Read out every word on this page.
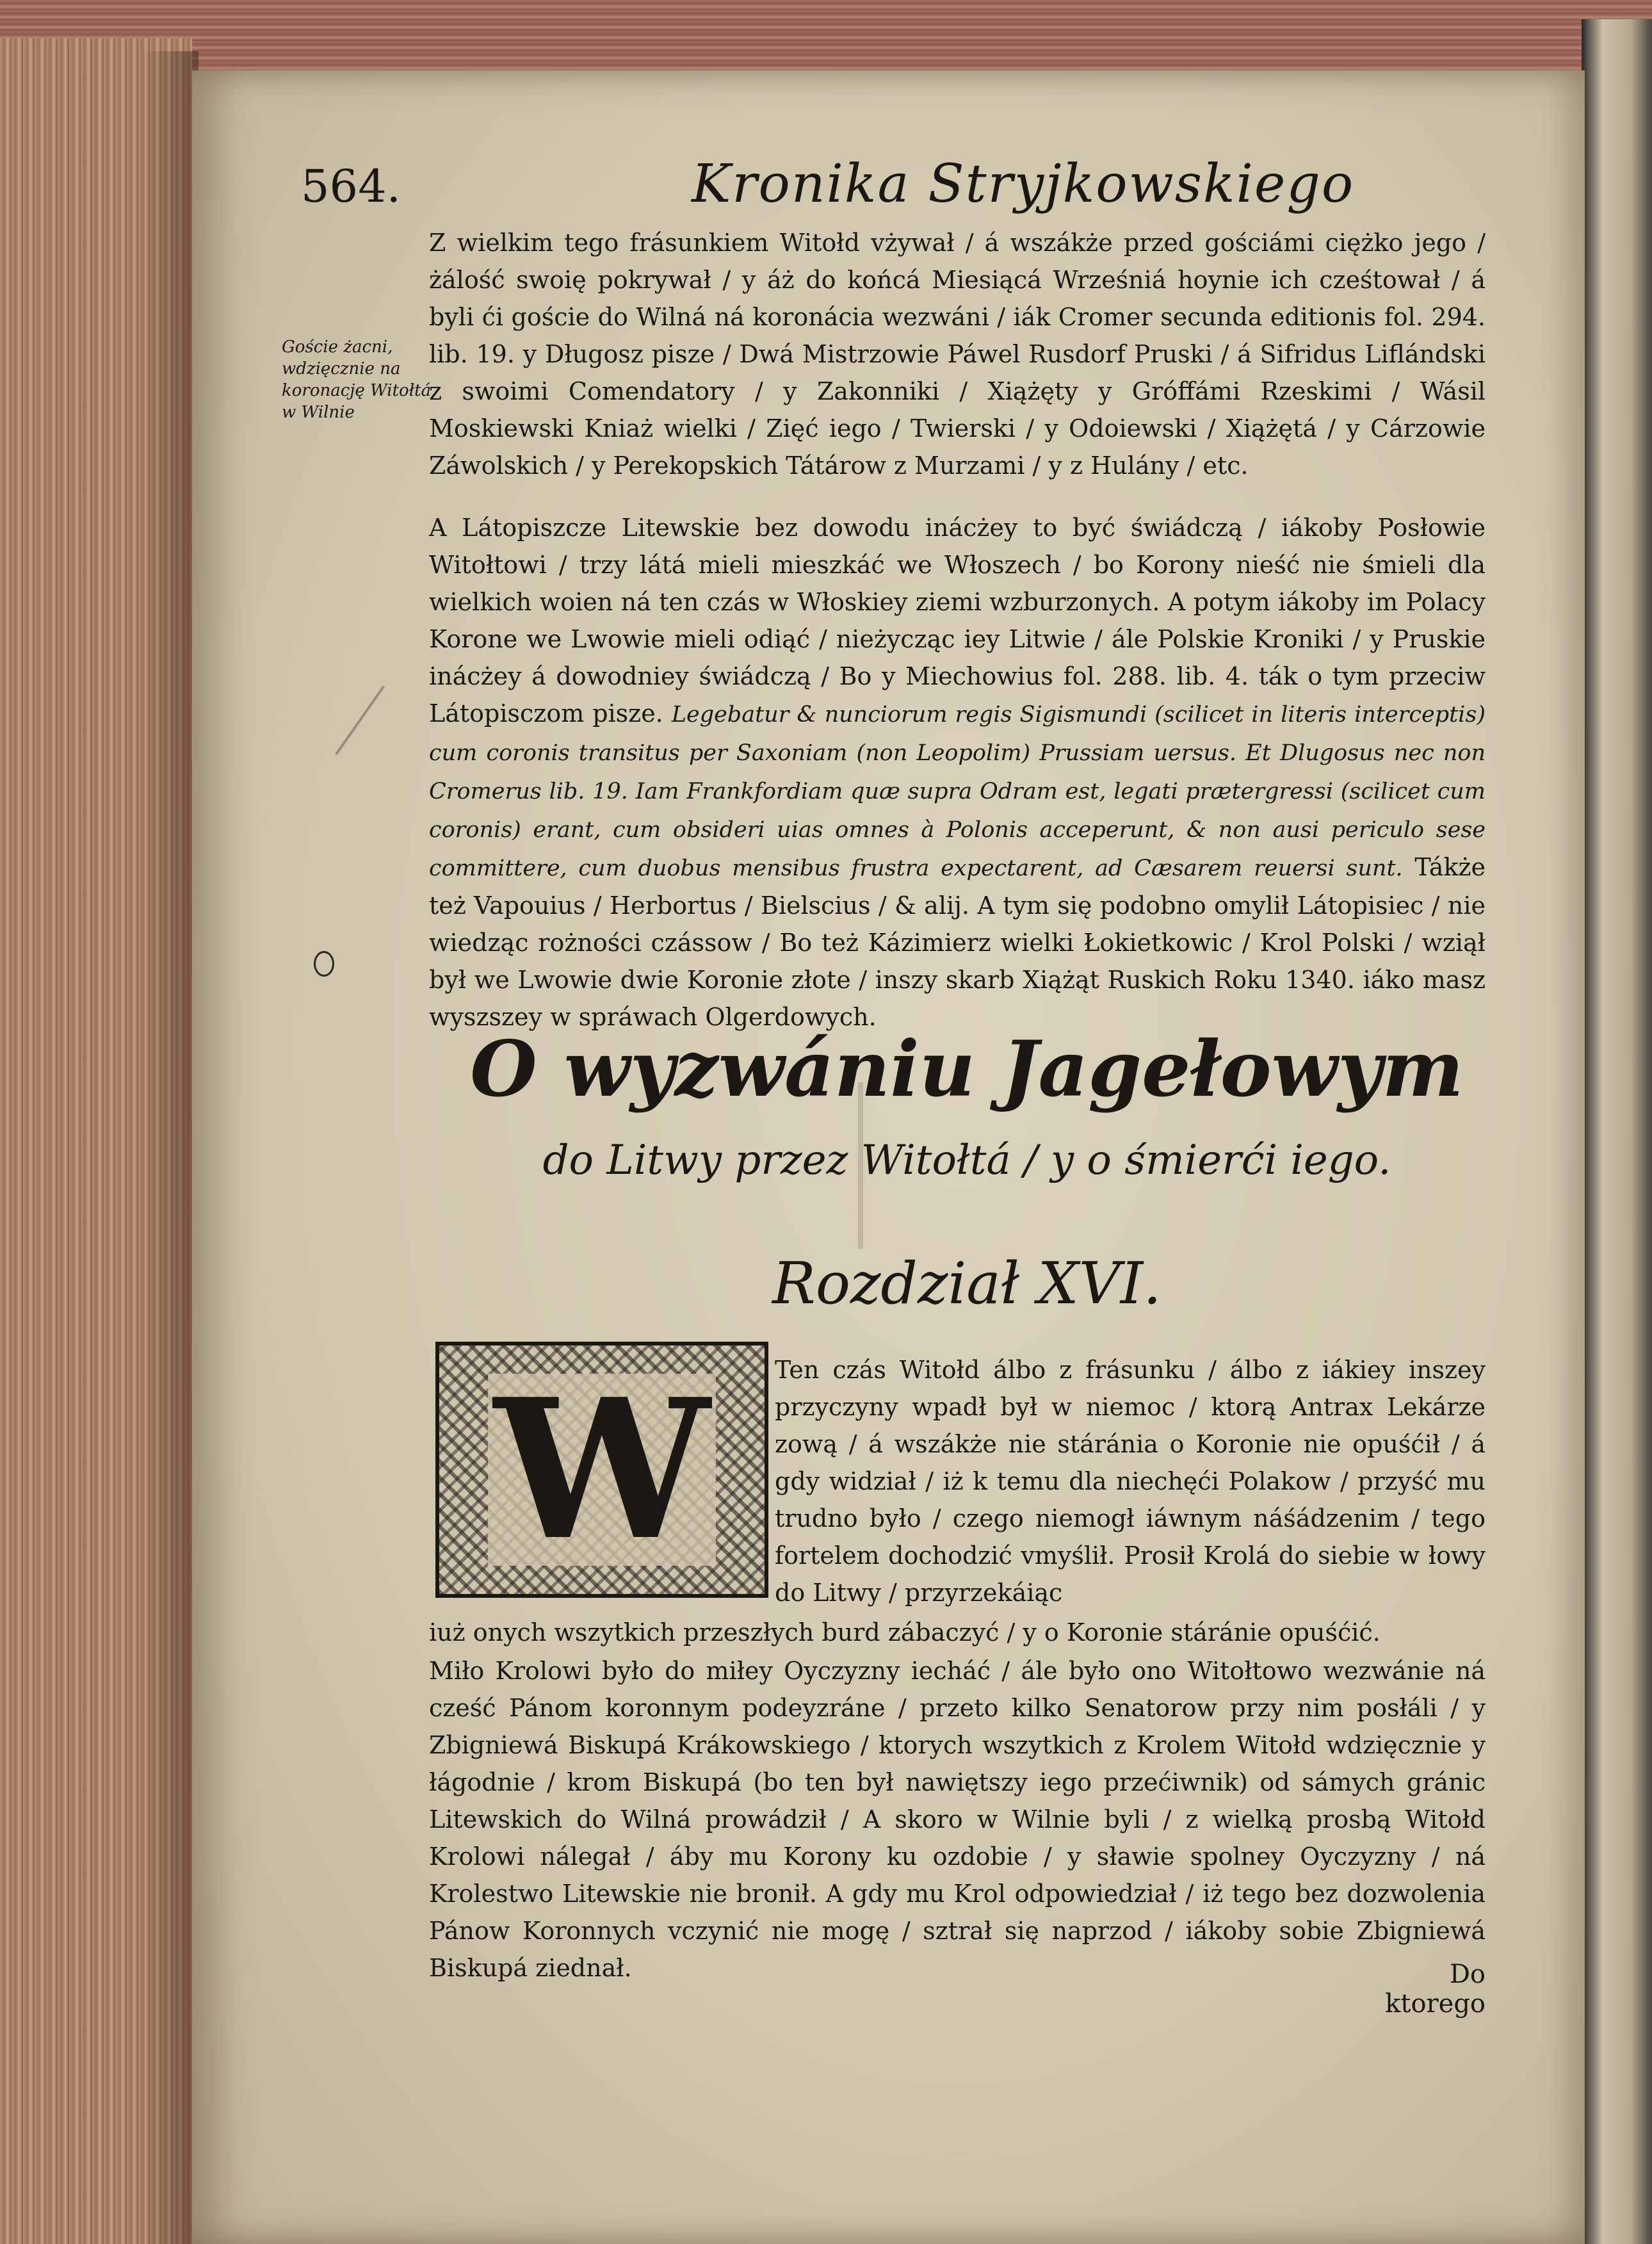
564.	Kronika Stryjkowskiego
Goście żacni, wdzięcznie na koronację Witołtá w Wilnie

Z wielkim tego frásunkiem Witołd vżywał / á wszákże przed gościámi ciężko jego / żálość swoię pokrywał / y áż do końcá Miesiącá Wrześniá hoynie ich cześtował / á byli ći goście do Wilná ná koronácia wezwáni / iák Cromer secunda editionis fol. 294. lib. 19. y Długosz pisze / Dwá Mistrzowie Páwel Rusdorf Pruski / á Sifridus Liflándski z swoimi Comendatory / y Zakonniki / Xiążęty y Gróffámi Rzeskimi / Wásil Moskiewski Kniaż wielki / Zięć iego / Twierski / y Odoiewski / Xiążętá / y Cárzowie Záwolskich / y Perekopskich Tátárow z Murzami / y z Hulány / etc.

A Látopiszcze Litewskie bez dowodu inácżey to być świádczą / iákoby Posłowie Witołtowi / trzy látá mieli mieszkáć we Włoszech / bo Korony nieść nie śmieli dla wielkich woien ná ten czás w Włoskiey ziemi wzburzonych. A potym iákoby im Polacy Korone we Lwowie mieli odiąć / nieżycząc iey Litwie / ále Polskie Kroniki / y Pruskie inácżey á dowodniey świádczą / Bo y Miechowius fol. 288. lib. 4. ták o tym przeciw Látopisczom pisze. Legebatur & nunciorum regis Sigismundi (scilicet in literis interceptis) cum coronis transitus per Saxoniam (non Leopolim) Prussiam uersus. Et Dlugosus nec non Cromerus lib. 19. Iam Frankfordiam quæ supra Odram est, legati prætergressi (scilicet cum coronis) erant, cum obsideri uias omnes à Polonis acceperunt, & non ausi periculo sese committere, cum duobus mensibus frustra expectarent, ad Cæsarem reuersi sunt. Tákże też Vapouius / Herbortus / Bielscius / & alij. A tym się podobno omylił Látopisiec / nie wiedząc rożności czássow / Bo też Kázimierz wielki Łokietkowic / Krol Polski / wziął był we Lwowie dwie Koronie złote / inszy skarb Xiążąt Ruskich Roku 1340. iáko masz wyszszey w spráwach Olgerdowych.

O wyzwániu Jagełowym
do Litwy przez Witołtá / y o śmierći iego.
Rozdział XVI.
W	Ten czás Witołd álbo z frásunku / álbo z iákiey inszey przyczyny wpadł był w niemoc / ktorą Antrax Lekárze zową / á wszákże nie stáránia o Koronie nie opuśćił / á gdy widział / iż k temu dla niechęći Polakow / przyść mu trudno było / czego niemogł iáwnym náśádzenim / tego fortelem dochodzić vmyślił. Prosił Krolá do siebie w łowy do Litwy / przyrzekáiąc
iuż onych wszytkich przeszłych burd zábaczyć / y o Koronie stáránie opuśćić.
Miło Krolowi było do miłey Oyczyzny iecháć / ále było ono Witołtowo wezwánie ná cześć Pánom koronnym podeyzráne / przeto kilko Senatorow przy nim posłáli / y Zbigniewá Biskupá Krákowskiego / ktorych wszytkich z Krolem Witołd wdzięcznie y łágodnie / krom Biskupá (bo ten był nawiętszy iego przećiwnik) od sámych gránic Litewskich do Wilná prowádził / A skoro w Wilnie byli / z wielką prosbą Witołd Krolowi nálegał / áby mu Korony ku ozdobie / y sławie spolney Oyczyzny / ná Krolestwo Litewskie nie bronił. A gdy mu Krol odpowiedział / iż tego bez dozwolenia Pánow Koronnych vczynić nie mogę / sztrał się naprzod / iákoby sobie Zbigniewá Biskupá ziednał.	Do ktorego
